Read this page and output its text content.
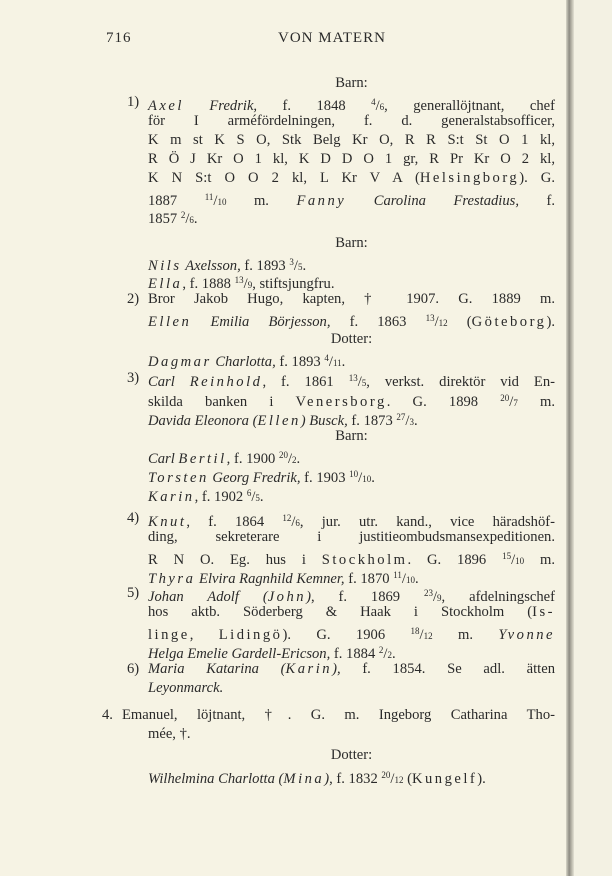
716	VON MATERN
Barn:
1) Axel Fredrik, f. 1848 $^4$/6, generallöjtnant, chef
för I arméfördelningen, f. d. generalstabsofficer,
K m st K S O, Stk Belg Kr O, R R S:t St O 1 kl,
R Ö J Kr O 1 kl, K D D O 1 gr, R Pr Kr O 2 kl,
K N S:t O O 2 kl, L Kr V A (Helsingborg). G.
1887 $^{11}$/10 m. Fanny Carolina Frestadius, f.
1857 $^2$/6.
Barn:
Nils Axelsson, f. 1893 $^3$/5.
Ella, f. 1888 $^{13}$/9, stiftsjungfru.
2) Bror Jakob Hugo, kapten, † 1907. G. 1889 m.
Ellen Emilia Börjesson, f. 1863 $^{13}$/12 (Göteborg).
Dotter:
Dagmar Charlotta, f. 1893 $^4$/11.
3) Carl Reinhold, f. 1861 $^{13}$/5, verkst. direktör vid En-
skilda banken i Venersborg. G. 1898 $^{20}$/7 m.
Davida Eleonora (Ellen) Busck, f. 1873 $^{27}$/3.
Barn:
Carl Bertil, f. 1900 $^{20}$/2.
Torsten Georg Fredrik, f. 1903 $^{10}$/10.
Karin, f. 1902 $^6$/5.
4) Knut, f. 1864 $^{12}$/6, jur. utr. kand., vice häradshöf-
ding, sekreterare i justitieombudsmansexpeditionen.
R N O. Eg. hus i Stockholm. G. 1896 $^{15}$/10 m.
Thyra Elvira Ragnhild Kemner, f. 1870 $^{11}$/10.
5) Johan Adolf (John), f. 1869 $^{23}$/9, afdelningschef
hos aktb. Söderberg & Haak i Stockholm (Is-
linge, Lidingö). G. 1906 $^{18}$/12 m. Yvonne
Helga Emelie Gardell-Ericson, f. 1884 $^2$/2.
6) Maria Katarina (Karin), f. 1854. Se adl. ätten
Leyonmarck.
4. Emanuel, löjtnant, †. G. m. Ingeborg Catharina Tho-
mée, †.
Dotter:
Wilhelmina Charlotta (Mina), f. 1832 $^{20}$/12 (Kungelf).
